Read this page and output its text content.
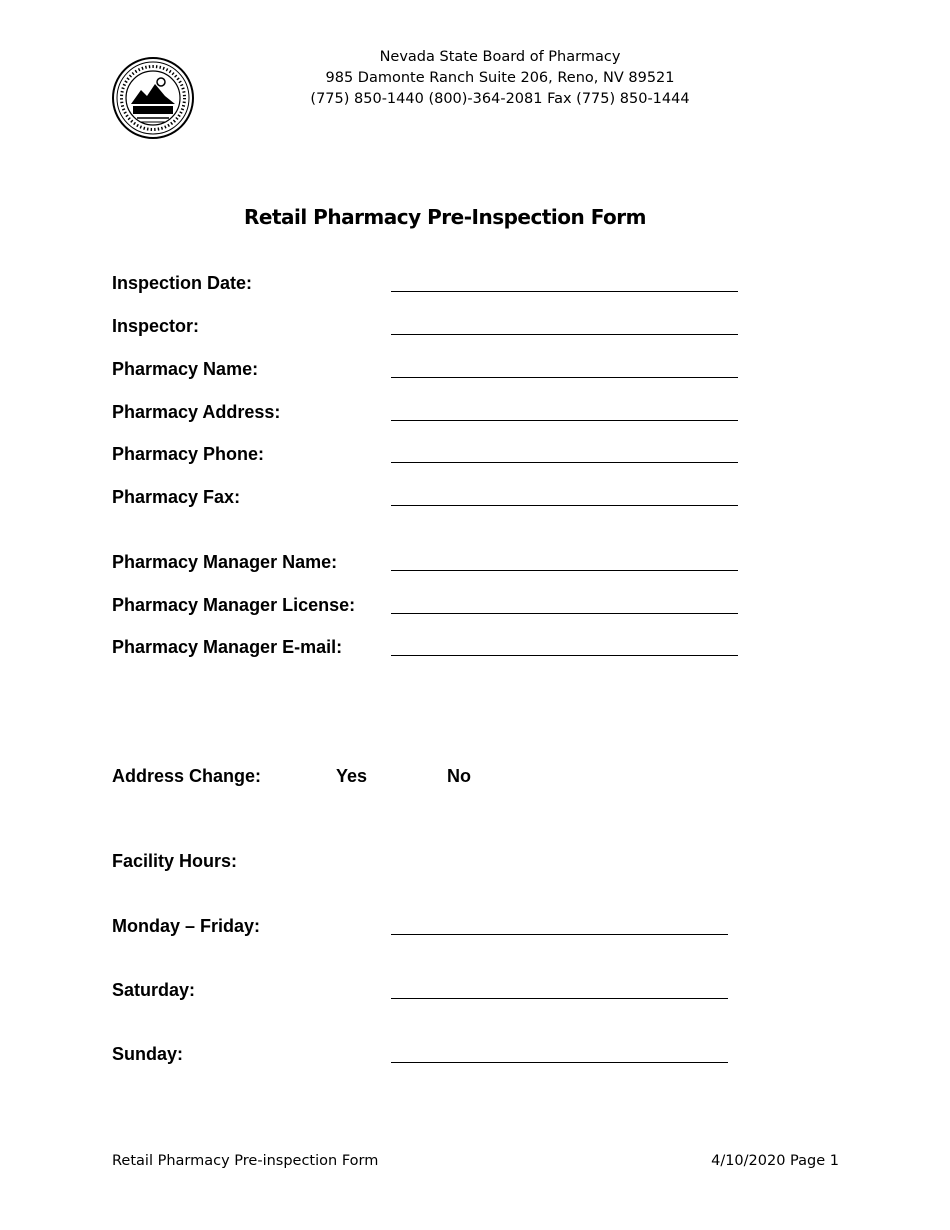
Nevada State Board of Pharmacy
985 Damonte Ranch Suite 206, Reno, NV 89521
(775) 850-1440 (800)-364-2081 Fax (775) 850-1444
Retail Pharmacy Pre-Inspection Form
Inspection Date:
Inspector:
Pharmacy Name:
Pharmacy Address:
Pharmacy Phone:
Pharmacy Fax:
Pharmacy Manager Name:
Pharmacy Manager License:
Pharmacy Manager E-mail:
Address Change:	Yes	No
Facility Hours:
Monday – Friday:
Saturday:
Sunday:
Retail Pharmacy Pre-inspection Form	4/10/2020 Page 1
